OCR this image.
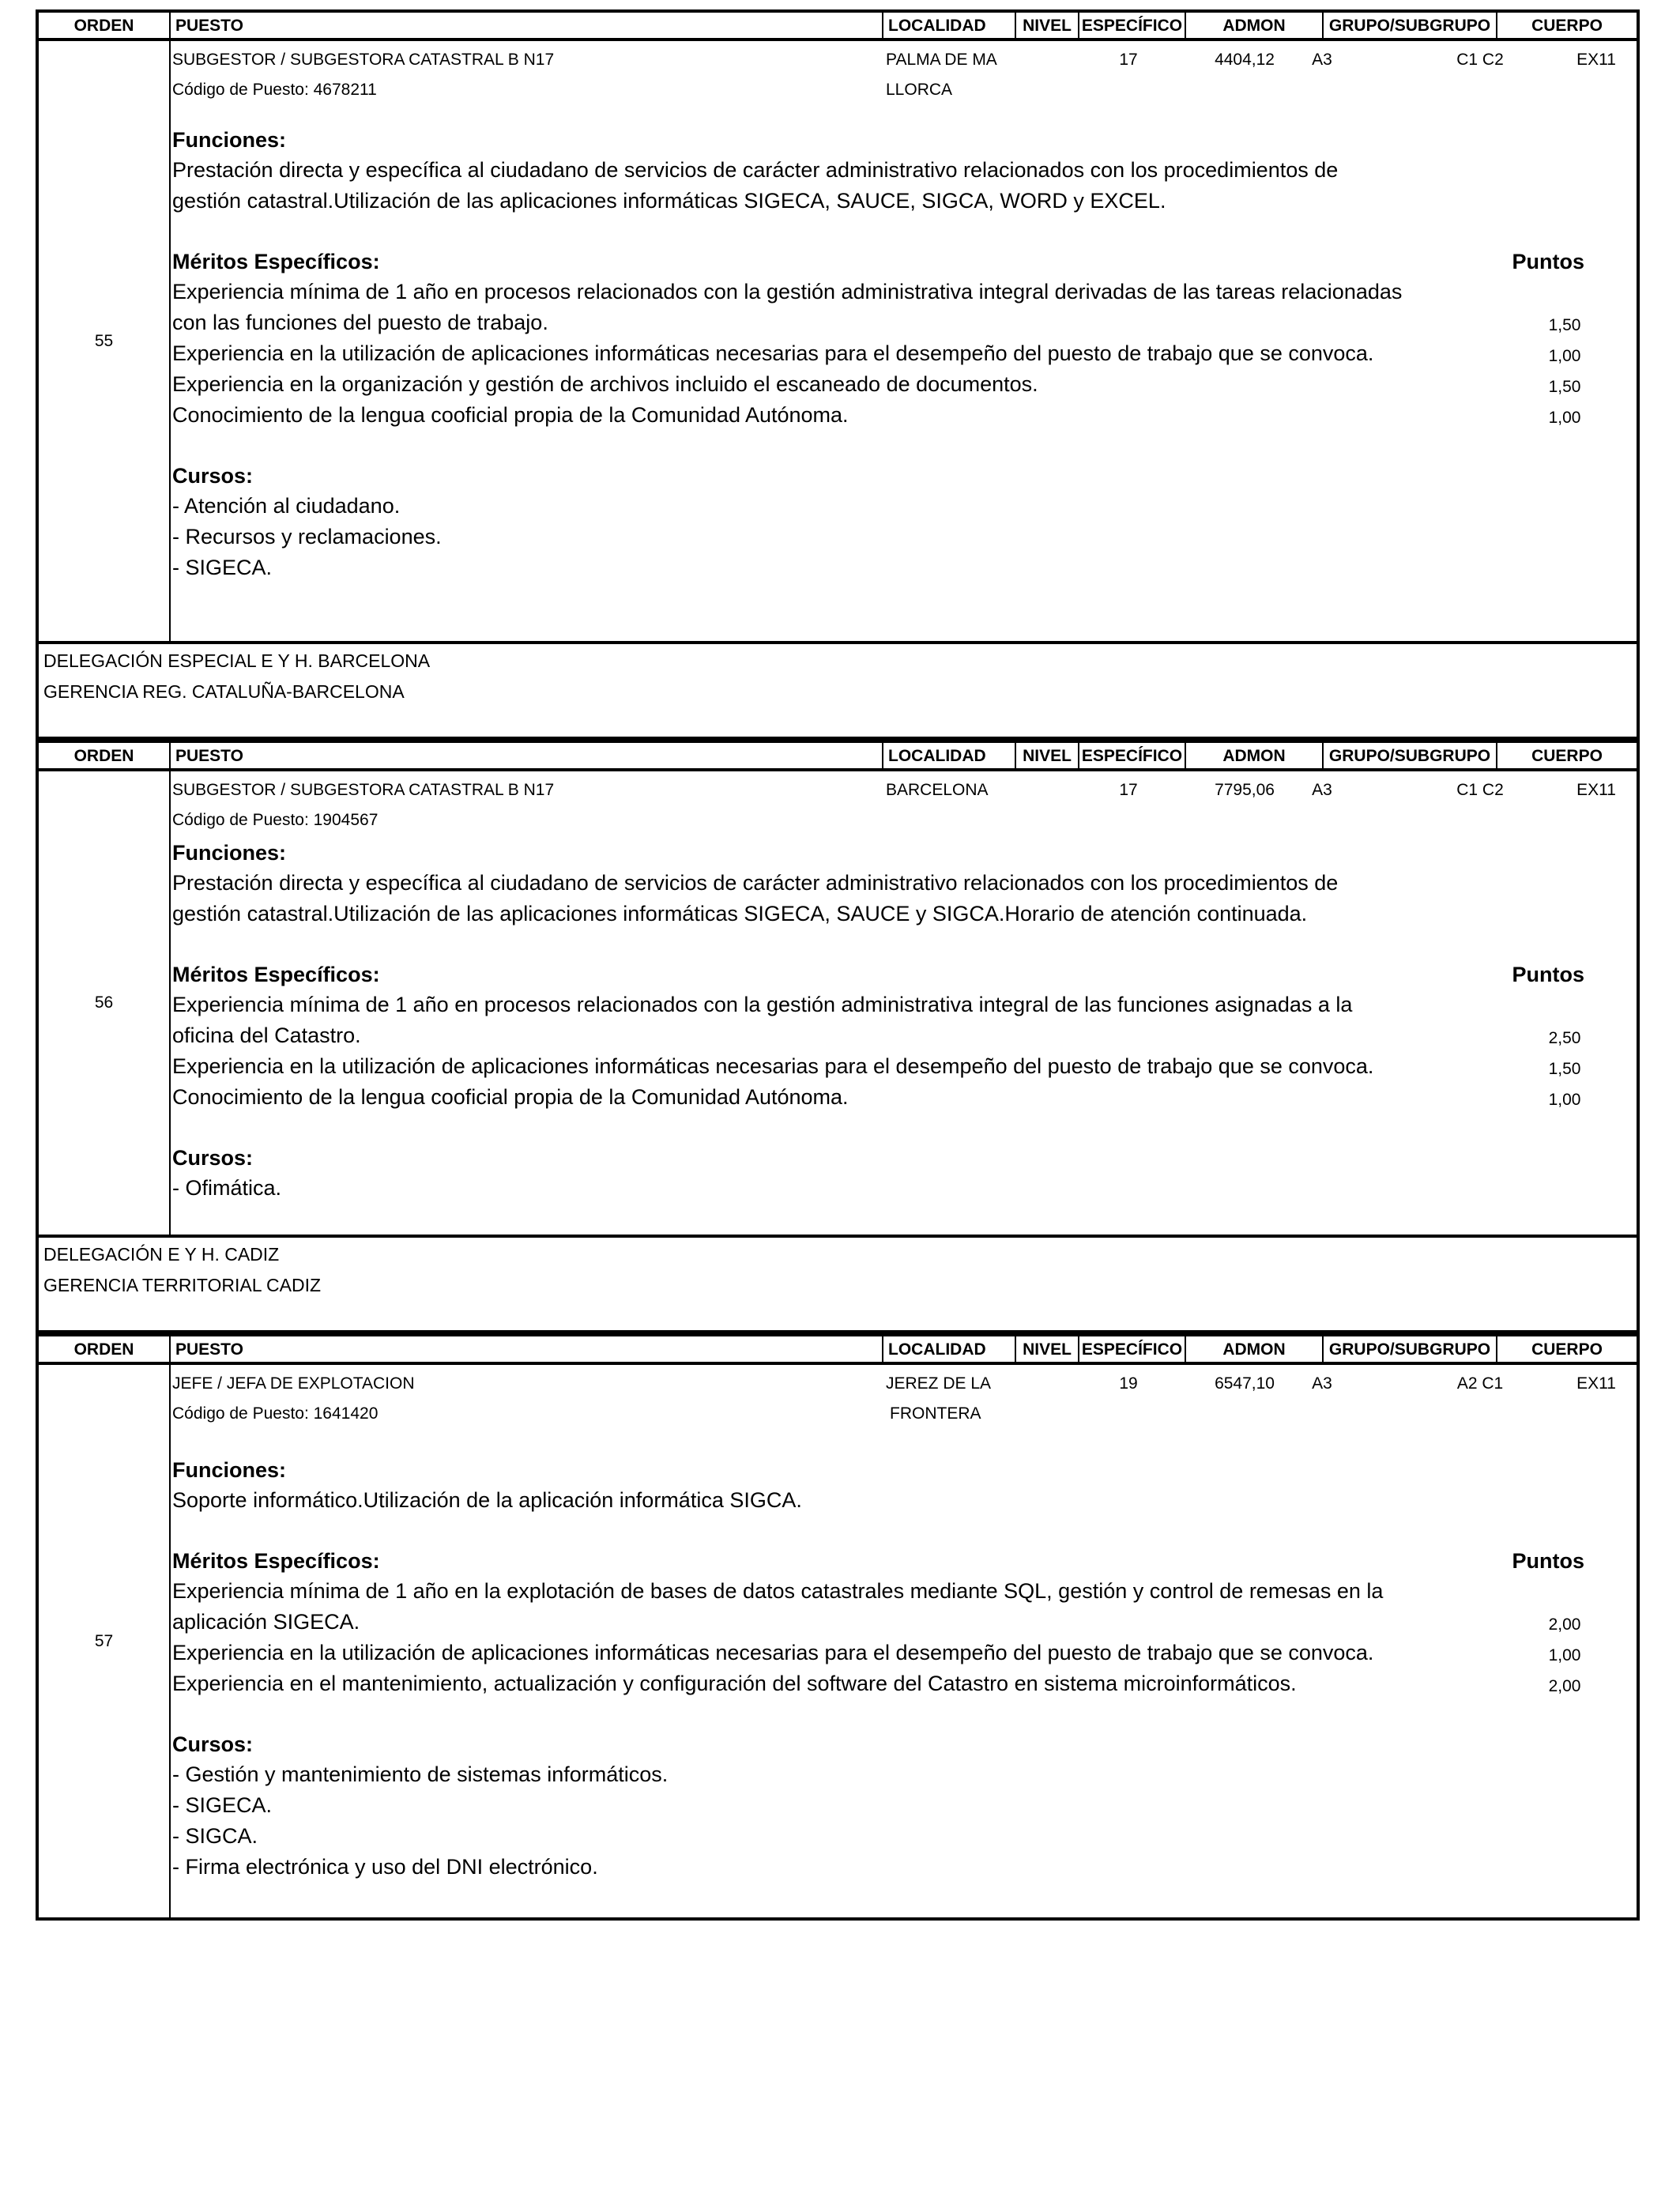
ORDEN	PUESTO	LOCALIDAD	NIVEL ESPECÍFICO	ADMON	GRUPO/SUBGRUPO	CUERPO
55
SUBGESTOR / SUBGESTORA CATASTRAL B N17	PALMA DE MA	17	4404,12	A3	C1 C2	EX11
Código de Puesto: 4678211	LLORCA
Funciones:
Prestación directa y específica al ciudadano de servicios de carácter administrativo relacionados con los procedimientos de
gestión catastral.Utilización de las aplicaciones informáticas SIGECA, SAUCE, SIGCA, WORD y EXCEL.
Méritos Específicos:	Puntos
Experiencia mínima de 1 año en procesos relacionados con la gestión administrativa integral derivadas de las tareas relacionadas
con las funciones del puesto de trabajo.	1,50
Experiencia en la utilización de aplicaciones informáticas necesarias para el desempeño del puesto de trabajo que se convoca.	1,00
Experiencia en la organización y gestión de archivos incluido el escaneado de documentos.	1,50
Conocimiento de la lengua cooficial propia de la Comunidad Autónoma.	1,00
Cursos:
- Atención al ciudadano.
- Recursos y reclamaciones.
- SIGECA.
DELEGACIÓN ESPECIAL E Y H. BARCELONA
GERENCIA REG. CATALUÑA-BARCELONA
ORDEN	PUESTO	LOCALIDAD	NIVEL ESPECÍFICO	ADMON	GRUPO/SUBGRUPO	CUERPO
56
SUBGESTOR / SUBGESTORA CATASTRAL B N17	BARCELONA	17	7795,06	A3	C1 C2	EX11
Código de Puesto: 1904567
Funciones:
Prestación directa y específica al ciudadano de servicios de carácter administrativo relacionados con los procedimientos de
gestión catastral.Utilización de las aplicaciones informáticas SIGECA, SAUCE y SIGCA.Horario de atención continuada.
Méritos Específicos:	Puntos
Experiencia mínima de 1 año en procesos relacionados con la gestión administrativa integral de las funciones asignadas a la
oficina del Catastro.	2,50
Experiencia en la utilización de aplicaciones informáticas necesarias para el desempeño del puesto de trabajo que se convoca.	1,50
Conocimiento de la lengua cooficial propia de la Comunidad Autónoma.	1,00
Cursos:
- Ofimática.
DELEGACIÓN E Y H. CADIZ
GERENCIA TERRITORIAL CADIZ
ORDEN	PUESTO	LOCALIDAD	NIVEL ESPECÍFICO	ADMON	GRUPO/SUBGRUPO	CUERPO
57
JEFE / JEFA DE EXPLOTACION	JEREZ DE LA	19	6547,10	A3	A2 C1	EX11
Código de Puesto: 1641420	FRONTERA
Funciones:
Soporte informático.Utilización de la aplicación informática SIGCA.
Méritos Específicos:	Puntos
Experiencia mínima de 1 año en la explotación de bases de datos catastrales mediante SQL, gestión y control de remesas en la
aplicación SIGECA.	2,00
Experiencia en la utilización de aplicaciones informáticas necesarias para el desempeño del puesto de trabajo que se convoca.	1,00
Experiencia en el mantenimiento, actualización y configuración del software del Catastro en sistema microinformáticos.	2,00
Cursos:
- Gestión y mantenimiento de sistemas informáticos.
- SIGECA.
- SIGCA.
- Firma electrónica y uso del DNI electrónico.
